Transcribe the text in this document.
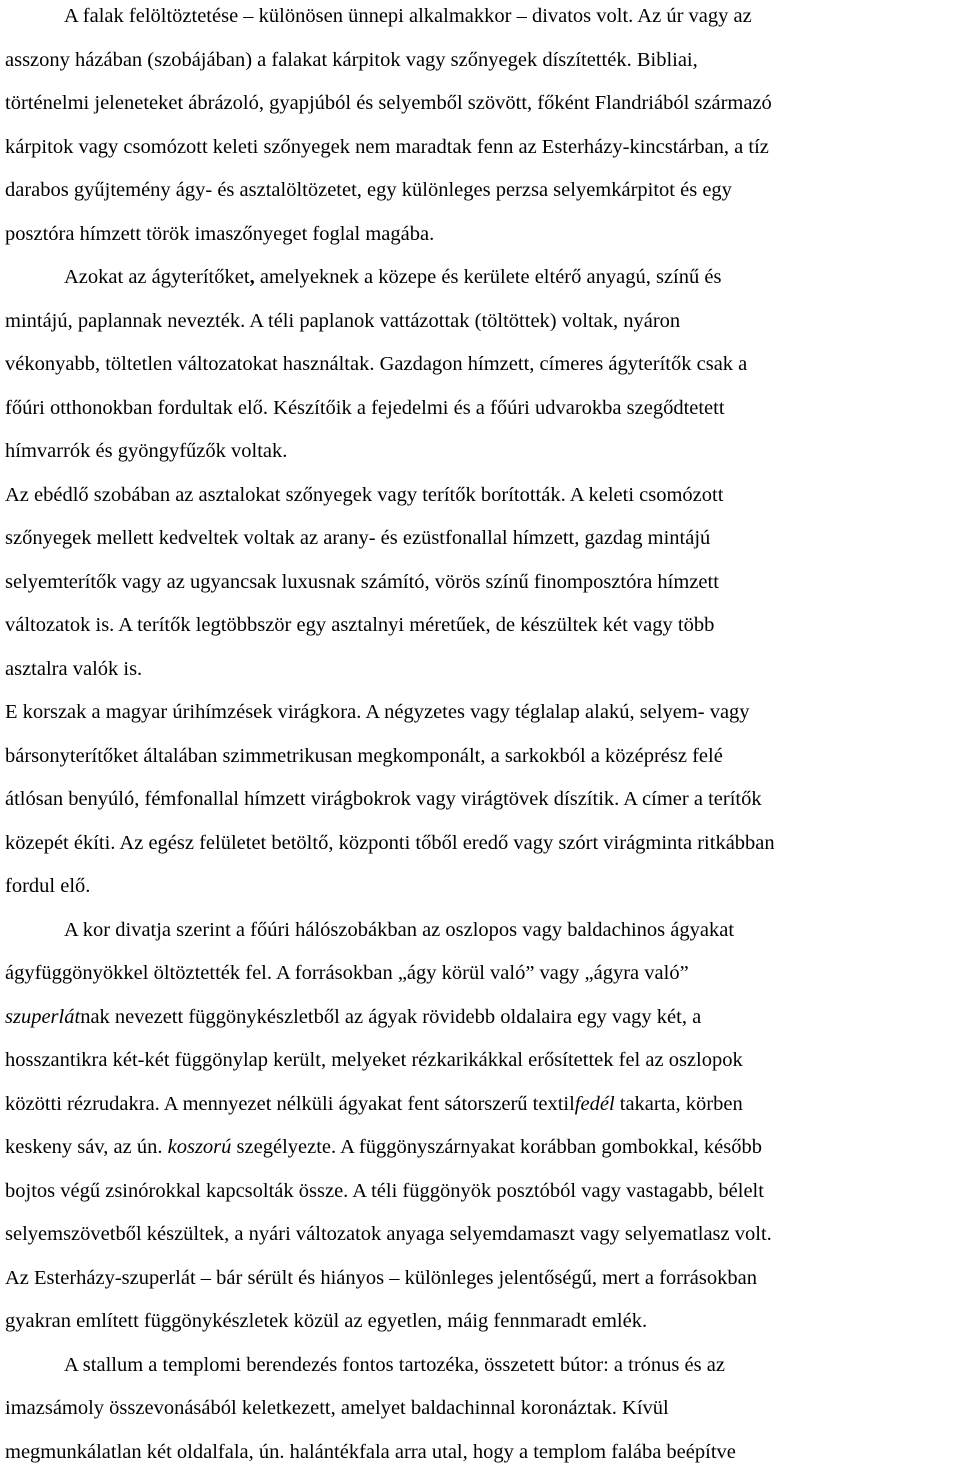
A falak felöltöztetése – különösen ünnepi alkalmakkor – divatos volt. Az úr vagy az
asszony házában (szobájában) a falakat kárpitok vagy szőnyegek díszítették. Bibliai,
történelmi jeleneteket ábrázoló, gyapjúból és selyemből szövött, főként Flandriából származó
kárpitok vagy csomózott keleti szőnyegek nem maradtak fenn az Esterházy-kincstárban, a tíz
darabos gyűjtemény ágy- és asztalöltözetet, egy különleges perzsa selyemkárpitot és egy
posztóra hímzett török imaszőnyeget foglal magába.
Azokat az ágyterítőket, amelyeknek a közepe és kerülete eltérő anyagú, színű és
mintájú, paplannak nevezték. A téli paplanok vattázottak (töltöttek) voltak, nyáron
vékonyabb, töltetlen változatokat használtak. Gazdagon hímzett, címeres ágyterítők csak a
főúri otthonokban fordultak elő. Készítőik a fejedelmi és a főúri udvarokba szegődtetett
hímvarrók és gyöngyfűzők voltak.
Az ebédlő szobában az asztalokat szőnyegek vagy terítők borították. A keleti csomózott
szőnyegek mellett kedveltek voltak az arany- és ezüstfonallal hímzett, gazdag mintájú
selyemterítők vagy az ugyancsak luxusnak számító, vörös színű finomposztóra hímzett
változatok is. A terítők legtöbbször egy asztalnyi méretűek, de készültek két vagy több
asztalra valók is.
E korszak a magyar úrihímzések virágkora. A négyzetes vagy téglalap alakú, selyem- vagy
bársonyterítőket általában szimmetrikusan megkomponált, a sarkokból a középrész felé
átlósan benyúló, fémfonallal hímzett virágbokrok vagy virágtövek díszítik. A címer a terítők
közepét ékíti. Az egész felületet betöltő, központi tőből eredő vagy szórt virágminta ritkábban
fordul elő.
A kor divatja szerint a főúri hálószobákban az oszlopos vagy baldachinos ágyakat
ágyfüggönyökkel öltöztették fel. A forrásokban „ágy körül való” vagy „ágyra való”
szuperlátnak nevezett függönykészletből az ágyak rövidebb oldalaira egy vagy két, a
hosszantikra két-két függönylap került, melyeket rézkarikákkal erősítettek fel az oszlopok
közötti rézrudakra. A mennyezet nélküli ágyakat fent sátorszerű textilfedél takarta, körben
keskeny sáv, az ún. koszorú szegélyezte. A függönyszárnyakat korábban gombokkal, később
bojtos végű zsinórokkal kapcsolták össze. A téli függönyök posztóból vagy vastagabb, bélelt
selyemszövetből készültek, a nyári változatok anyaga selyemdamaszt vagy selyematlasz volt.
Az Esterházy-szuperlát – bár sérült és hiányos – különleges jelentőségű, mert a forrásokban
gyakran említett függönykészletek közül az egyetlen, máig fennmaradt emlék.
A stallum a templomi berendezés fontos tartozéka, összetett bútor: a trónus és az
imazsámoly összevonásából keletkezett, amelyet baldachinnal koronáztak. Kívül
megmunkálatlan két oldalfala, ún. halántékfala arra utal, hogy a templom falába beépítve
